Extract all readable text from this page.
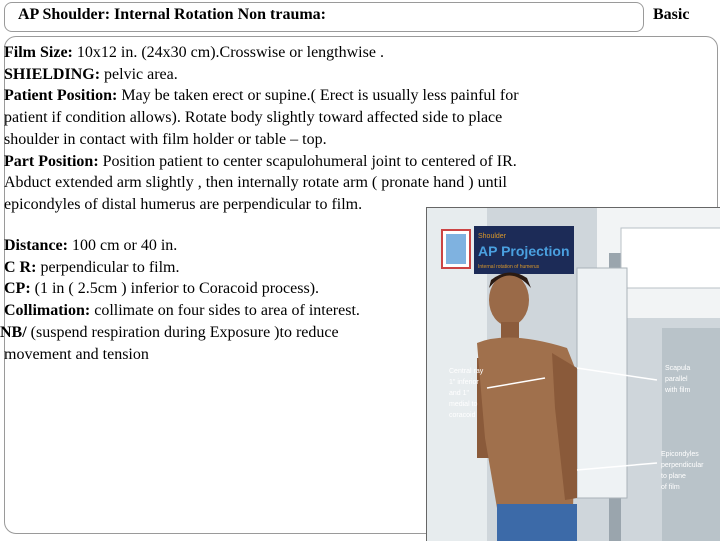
AP Shoulder: Internal Rotation Non trauma:	Basic
Film Size: 10x12 in. (24x30 cm).Crosswise or lengthwise .
SHIELDING: pelvic area.
Patient Position: May be taken erect or supine.( Erect is usually less painful for
patient if condition allows). Rotate body slightly toward affected side to place
shoulder in contact with film holder or table – top.
Part Position: Position patient to center scapulohumeral joint to centered of IR.
Abduct extended arm slightly , then internally rotate arm ( pronate hand ) until
epicondyles of distal humerus are perpendicular to film.
Distance: 100 cm or 40 in.
C R: perpendicular to film.
CP: (1 in ( 2.5cm ) inferior to Coracoid process).
Collimation: collimate on four sides to area of interest.
NB/ (suspend respiration during Exposure )to reduce
movement and tension
Shoulder
AP Projection
Internal rotation of humerus
Central ray
1" inferior
and 1"
medial to
coracoid
Scapula
parallel
with film
Epicondyles
perpendicular
to plane
of film
